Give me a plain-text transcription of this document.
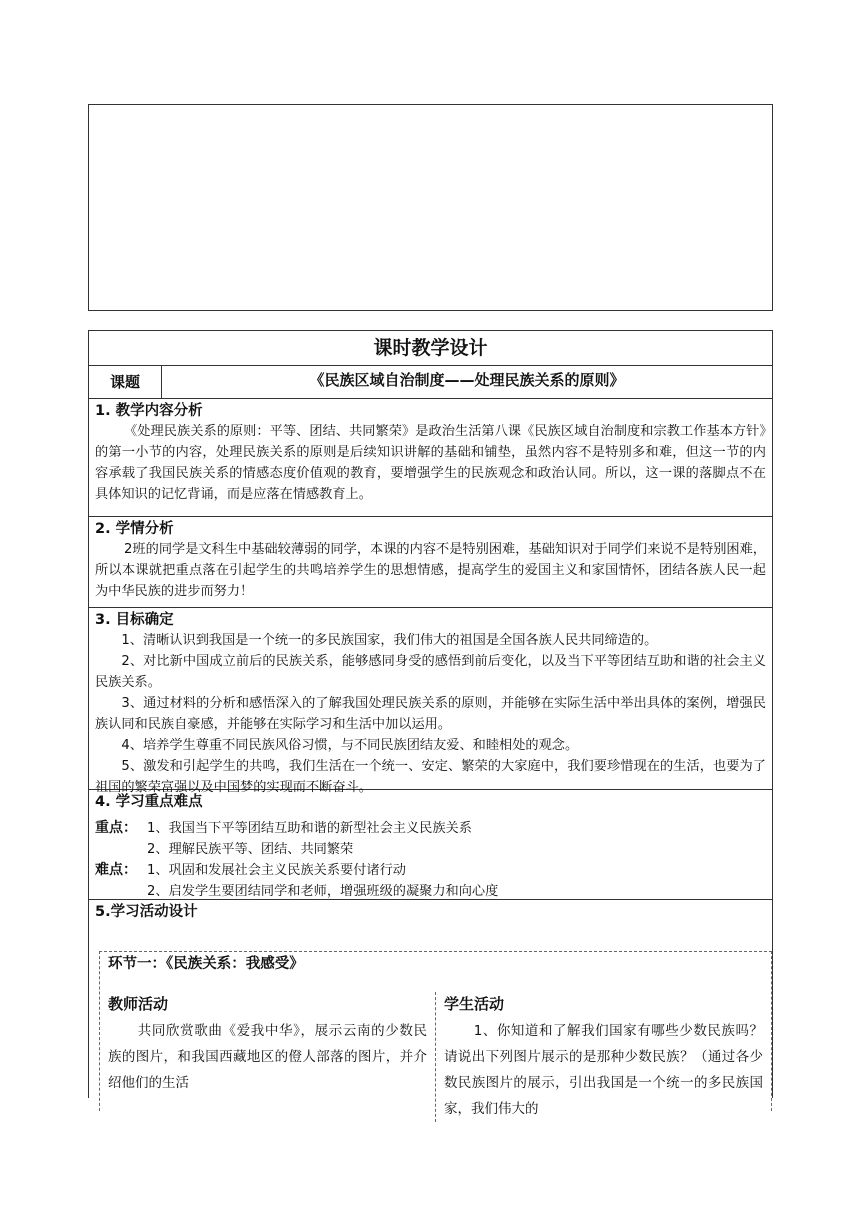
课时教学设计
课题	《民族区域自治制度——处理民族关系的原则》
1. 教学内容分析

《处理民族关系的原则：平等、团结、共同繁荣》是政治生活第八课《民族区域自治制度和宗教工作基本方针》的第一小节的内容，处理民族关系的原则是后续知识讲解的基础和铺垫，虽然内容不是特别多和难，但这一节的内容承载了我国民族关系的情感态度价值观的教育，要增强学生的民族观念和政治认同。所以，这一课的落脚点不在具体知识的记忆背诵，而是应落在情感教育上。

2. 学情分析

2班的同学是文科生中基础较薄弱的同学，本课的内容不是特别困难，基础知识对于同学们来说不是特别困难，所以本课就把重点落在引起学生的共鸣培养学生的思想情感，提高学生的爱国主义和家国情怀，团结各族人民一起为中华民族的进步而努力！

3. 目标确定

1、清晰认识到我国是一个统一的多民族国家，我们伟大的祖国是全国各族人民共同缔造的。

2、对比新中国成立前后的民族关系，能够感同身受的感悟到前后变化，以及当下平等团结互助和谐的社会主义民族关系。

3、通过材料的分析和感悟深入的了解我国处理民族关系的原则，并能够在实际生活中举出具体的案例，增强民族认同和民族自豪感，并能够在实际学习和生活中加以运用。

4、培养学生尊重不同民族风俗习惯，与不同民族团结友爱、和睦相处的观念。

5、激发和引起学生的共鸣，我们生活在一个统一、安定、繁荣的大家庭中，我们要珍惜现在的生活，也要为了祖国的繁荣富强以及中国梦的实现而不断奋斗。

4. 学习重点难点
重点： 1、我国当下平等团结互助和谐的新型社会主义民族关系
2、理解民族平等、团结、共同繁荣
难点： 1、巩固和发展社会主义民族关系要付诸行动
2、启发学生要团结同学和老师，增强班级的凝聚力和向心度
5.学习活动设计
环节一：《民族关系：我感受》
教师活动

共同欣赏歌曲《爱我中华》，展示云南的少数民族的图片，和我国西藏地区的僜人部落的图片，并介绍他们的生活

学生活动

1、你知道和了解我们国家有哪些少数民族吗？请说出下列图片展示的是那种少数民族？（通过各少数民族图片的展示，引出我国是一个统一的多民族国家，我们伟大的
